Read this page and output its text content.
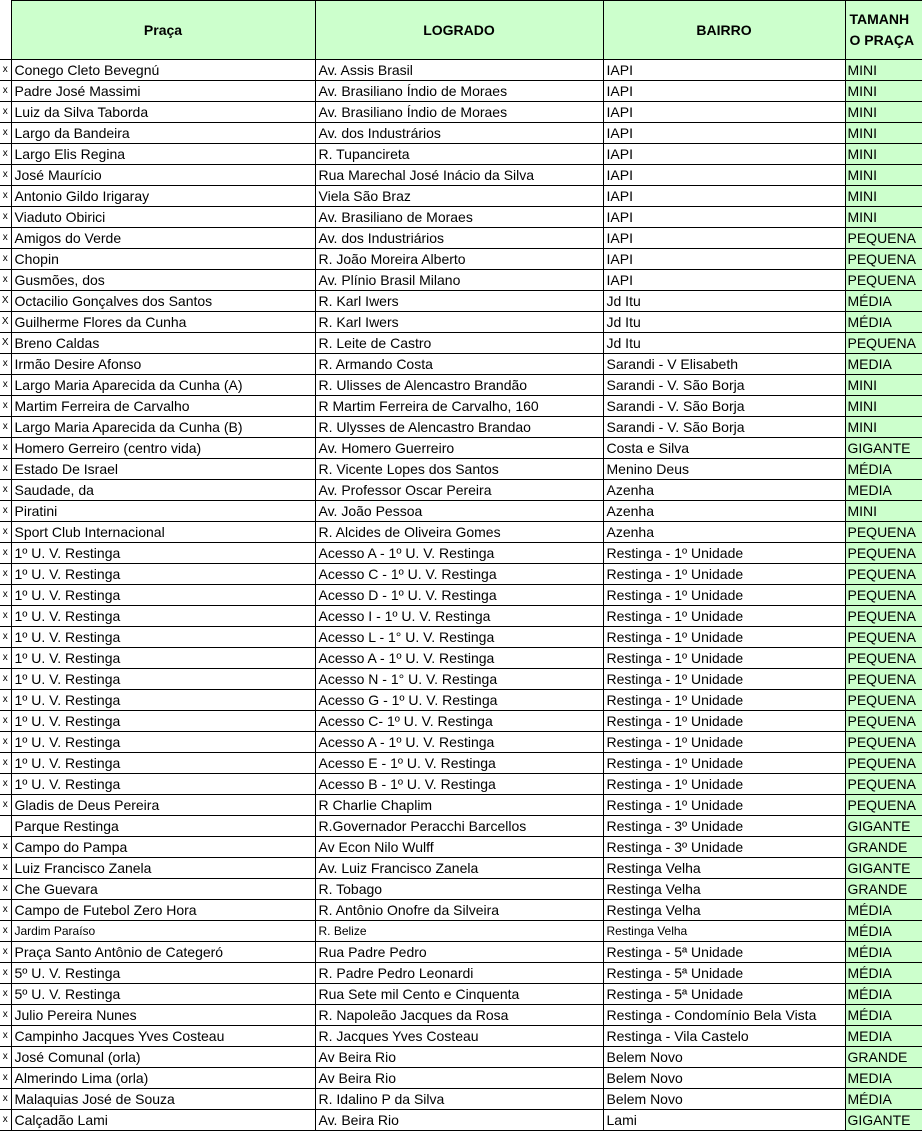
	Praça	LOGRADO	BAIRRO	TAMANH
O PRAÇA
x	Conego Cleto Bevegnú	Av. Assis Brasil	IAPI	MINI
x	Padre José Massimi	Av. Brasiliano Índio de Moraes	IAPI	MINI
x	Luiz da Silva Taborda	Av. Brasiliano Índio de Moraes	IAPI	MINI
x	Largo da Bandeira	Av. dos Industrários	IAPI	MINI
x	Largo Elis Regina	R. Tupancireta	IAPI	MINI
x	José Maurício	Rua Marechal José Inácio da Silva	IAPI	MINI
x	Antonio Gildo Irigaray	Viela São Braz	IAPI	MINI
x	Viaduto Obirici	Av. Brasiliano de Moraes	IAPI	MINI
x	Amigos do Verde	Av. dos Industriários	IAPI	PEQUENA
x	Chopin	R. João Moreira Alberto	IAPI	PEQUENA
x	Gusmões, dos	Av. Plínio Brasil Milano	IAPI	PEQUENA
X	Octacilio Gonçalves dos Santos	R. Karl Iwers	Jd Itu	MÉDIA
X	Guilherme Flores da Cunha	R. Karl Iwers	Jd Itu	MÉDIA
X	Breno Caldas	R. Leite de Castro	Jd Itu	PEQUENA
x	Irmão Desire Afonso	R. Armando Costa	Sarandi - V Elisabeth	MEDIA
x	Largo Maria Aparecida da Cunha (A)	R. Ulisses de Alencastro Brandão	Sarandi - V. São Borja	MINI
x	Martim Ferreira de Carvalho	R Martim Ferreira de Carvalho, 160	Sarandi - V. São Borja	MINI
x	Largo Maria Aparecida da Cunha (B)	R. Ulysses de Alencastro Brandao	Sarandi - V. São Borja	MINI
x	Homero Gerreiro (centro vida)	Av. Homero Guerreiro	Costa e Silva	GIGANTE
x	Estado De Israel	R. Vicente Lopes dos Santos	Menino Deus	MÉDIA
x	Saudade, da	Av. Professor Oscar Pereira	Azenha	MEDIA
x	Piratini	Av. João Pessoa	Azenha	MINI
x	Sport Club Internacional	R. Alcides de Oliveira Gomes	Azenha	PEQUENA
x	1º U. V. Restinga	Acesso A - 1º U. V. Restinga	Restinga - 1º Unidade	PEQUENA
x	1º U. V. Restinga	Acesso C - 1º U. V. Restinga	Restinga - 1º Unidade	PEQUENA
x	1º U. V. Restinga	Acesso D - 1º U. V. Restinga	Restinga - 1º Unidade	PEQUENA
x	1º U. V. Restinga	Acesso I - 1º U. V. Restinga	Restinga - 1º Unidade	PEQUENA
x	1º U. V. Restinga	Acesso L - 1° U. V. Restinga	Restinga - 1º Unidade	PEQUENA
x	1º U. V. Restinga	Acesso A - 1º U. V. Restinga	Restinga - 1º Unidade	PEQUENA
x	1º U. V. Restinga	Acesso N - 1° U. V. Restinga	Restinga - 1º Unidade	PEQUENA
x	1º U. V. Restinga	Acesso G - 1º U. V. Restinga	Restinga - 1º Unidade	PEQUENA
x	1º U. V. Restinga	Acesso C- 1º U. V. Restinga	Restinga - 1º Unidade	PEQUENA
x	1º U. V. Restinga	Acesso A - 1º U. V. Restinga	Restinga - 1º Unidade	PEQUENA
x	1º U. V. Restinga	Acesso E - 1º U. V. Restinga	Restinga - 1º Unidade	PEQUENA
x	1º U. V. Restinga	Acesso B - 1º U. V. Restinga	Restinga - 1º Unidade	PEQUENA
x	Gladis de Deus Pereira	R Charlie Chaplim	Restinga - 1º Unidade	PEQUENA
	Parque Restinga	R.Governador Peracchi Barcellos	Restinga - 3º Unidade	GIGANTE
x	Campo do Pampa	Av Econ Nilo Wulff	Restinga - 3º Unidade	GRANDE
x	Luiz Francisco Zanela	Av. Luiz Francisco Zanela	Restinga Velha	GIGANTE
x	Che Guevara	R. Tobago	Restinga Velha	GRANDE
x	Campo de Futebol Zero Hora	R. Antônio Onofre da Silveira	Restinga Velha	MÉDIA
x	Jardim Paraíso	R. Belize	Restinga Velha	MÉDIA
x	Praça Santo Antônio de Categeró	Rua Padre Pedro	Restinga - 5ª Unidade	MÉDIA
x	5º U. V. Restinga	R. Padre Pedro Leonardi	Restinga - 5ª Unidade	MÉDIA
x	5º U. V. Restinga	Rua Sete mil Cento e Cinquenta	Restinga - 5ª Unidade	MÉDIA
x	Julio Pereira Nunes	R. Napoleão Jacques da Rosa	Restinga - Condomínio Bela Vista	MÉDIA
x	Campinho Jacques Yves Costeau	R. Jacques Yves Costeau	Restinga - Vila Castelo	MEDIA
x	José Comunal (orla)	Av Beira Rio	Belem Novo	GRANDE
x	Almerindo Lima (orla)	Av Beira Rio	Belem Novo	MEDIA
x	Malaquias José de Souza	R. Idalino P da Silva	Belem Novo	MÉDIA
x	Calçadão Lami	Av. Beira Rio	Lami	GIGANTE
